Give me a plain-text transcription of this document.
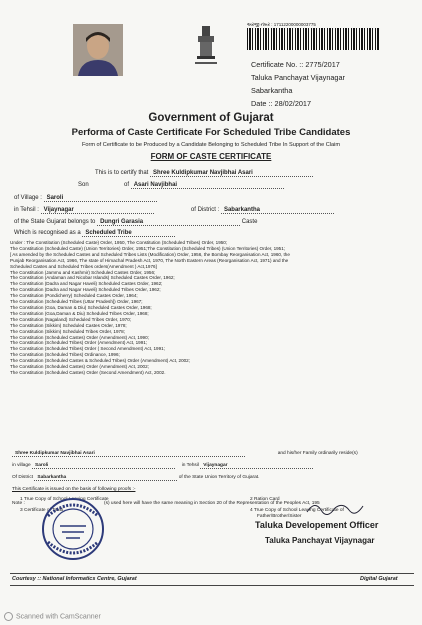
અરજી નંબર : 17112200000003775
Certificate No. :: 2775/2017
Taluka Panchayat Vijaynagar
Sabarkantha
Date :: 28/02/2017
Government of Gujarat
Performa of Caste Certificate For Scheduled Tribe Candidates
Form of Certificate to be Produced by a Candidate Belonging to Scheduled Tribe In Support of the Claim
FORM OF CASTE CERTIFICATE
This is to certify that Shree Kuldipkumar Navjibhai Asari
Son	of Asari Navjibhai
of Village : Saroli
in Tehsil : Vijaynagar	of District : Sabarkantha
of the State Gujarat belongs to Dungri Garasia	Caste
Which is recognised as a Scheduled Tribe
Under : The Constitution (Scheduled Caste) Order, 1950, The Constitution (Scheduled Tribes) Order, 1950;
The Constitution (Scheduled Caste) (Union Territories) Order, 1951;The Constitution (Scheduled Tribes) (Union Territories) Order, 1951;
[ As amended by the Scheduled Castes and Scheduled Tribes Lists (Modification) Order, 1956, the Bombay Reorganisation Act, 1960, the
Punjab Reorganisation Act, 1966, The state of Himachal Pradesh Act, 1970, The North Eastern Areas (Reorganisation Act, 1971) and the
Scheduled Castes and Scheduled Tribes orders(Amendment ) Act,1976]
The Constitution (Jammu and Kashmir) Scheduled Castes Order, 1956;
The Constitution (Andaman and Nicobar Islands) Scheduled Castes Order, 1962;
The Constitution (Dadra and Nagar Haveli) Scheduled Castes Order, 1962;
The Constitution (Dadra and Nagar Haveli) Scheduled Tribes Order, 1962;
The Constitution (Pondicherry) Scheduled Castes Order, 1964;
The Constitution (Scheduled Tribes (Uttar Pradesh]) Order, 1967;
The Constitution (Goa, Daman & Diu) Scheduled Castes Order, 1968;
The Constitution (Goa,Daman & Diu) Scheduled Tribes Order, 1968;
The Constitution (Nagaland) Scheduled Tribes Order, 1970;
The Constitution (Sikkim) Scheduled Castes Order, 1978;
The Constitution (Sikkim) Scheduled Tribes Order, 1978;
The Constitution (Scheduled Castes) Order (Amendment) Act, 1990;
The Constitution (Scheduled Tribes) Order (Amendment) Act, 1991;
The Constitution (Scheduled Tribes) Order ( Second Amendment) Act, 1991;
The Constitution (Scheduled Tribes) Ordinance, 1996;
The Constitution (Scheduled Castes & Scheduled Tribes) Order (Amendment) Act, 2002;
The Constitution (Scheduled Castes) Order (Amendment) Act, 2002;
The Constitution (Scheduled Castes) Order (Second Amendment) Act, 2002.
Shree Kuldipkumar Navjibhai Asari	and his/her Family ordinarily reside(s)
in village Saroli	in Tehsil Vijaynagar
Of District Sabarkantha	of the State Union Territory of Gujarat.
This Certificate is issued on the basis of following proofs :-
1 True Copy of School Leaving Certificate	2 Ration Card
3 Certificate of Talati.	4 True Copy of School Leaving Certificate of
Father/Brother/Sister
Note :	(s) used here will have the same meaning in Section 20 of the Representation of the Peoples Act, 195
Taluka Developement Officer
Taluka Panchayat Vijaynagar
Courtesy :: National Informatics Centre, Gujarat	Digital Gujarat
Scanned with CamScanner
